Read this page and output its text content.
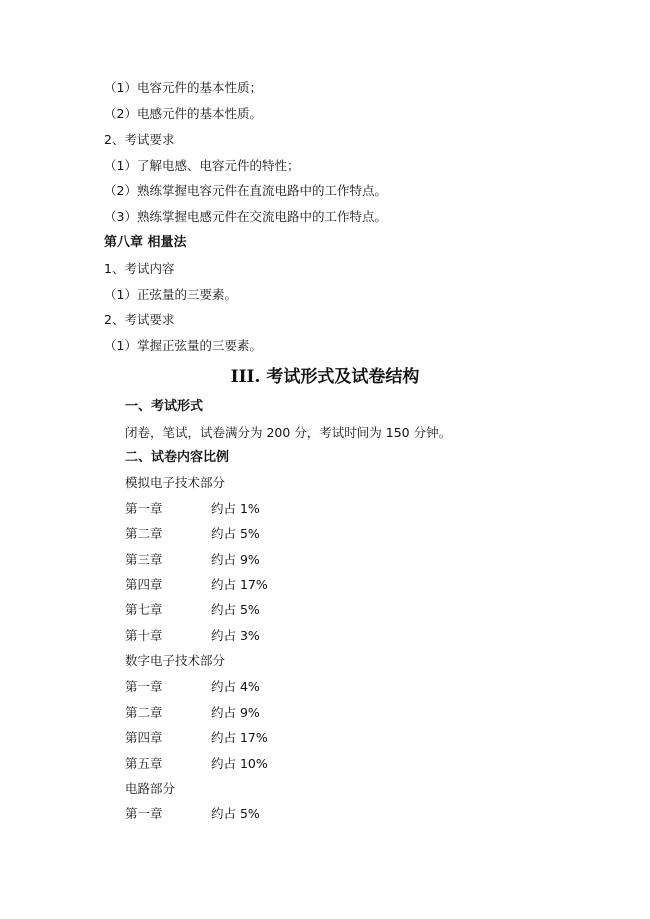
（1）电容元件的基本性质；
（2）电感元件的基本性质。
2、考试要求
（1）了解电感、电容元件的特性；
（2）熟练掌握电容元件在直流电路中的工作特点。
（3）熟练掌握电感元件在交流电路中的工作特点。
第八章 相量法
1、考试内容
（1）正弦量的三要素。
2、考试要求
（1）掌握正弦量的三要素。
III. 考试形式及试卷结构
一、考试形式
闭卷，笔试，试卷满分为 200 分，考试时间为 150 分钟。
二、试卷内容比例
模拟电子技术部分
第一章	约占 1%
第二章	约占 5%
第三章	约占 9%
第四章	约占 17%
第七章	约占 5%
第十章	约占 3%
数字电子技术部分
第一章	约占 4%
第二章	约占 9%
第四章	约占 17%
第五章	约占 10%
电路部分
第一章	约占 5%
